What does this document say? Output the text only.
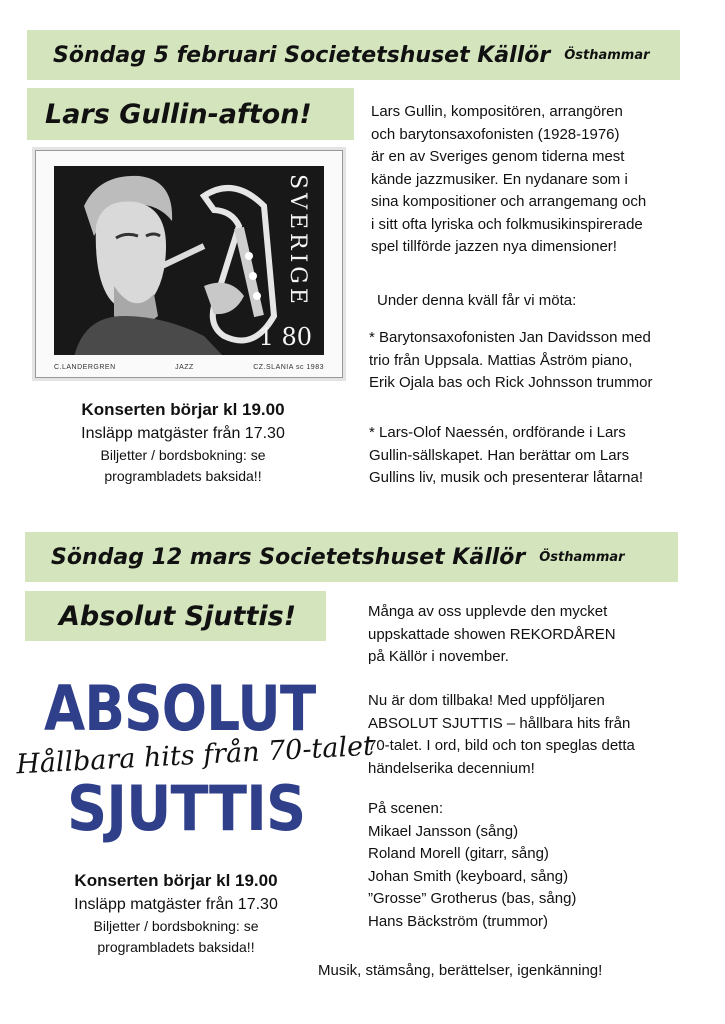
Söndag 5 februari Societetshuset Källör Östhammar
Lars Gullin-afton!
SVERIGE
1 80
C.LANDERGREN	JAZZ	CZ.SLANIA sc 1983
Konserten börjar kl 19.00
Insläpp matgäster från 17.30
Biljetter / bordsbokning: se
programbladets baksida!!

Lars Gullin, kompositören, arrangören

och barytonsaxofonisten (1928-1976)

är en av Sveriges genom tiderna mest

kände jazzmusiker. En nydanare som i

sina kompositioner och arrangemang och

i sitt ofta lyriska och folkmusikinspirerade

spel tillförde jazzen nya dimensioner!

Under denna kväll får vi möta:

* Barytonsaxofonisten Jan Davidsson med

trio från Uppsala. Mattias Åström piano,

Erik Ojala bas och Rick Johnsson trummor

* Lars-Olof Naessén, ordförande i Lars

Gullin-sällskapet. Han berättar om Lars

Gullins liv, musik och presenterar låtarna!

Söndag 12 mars Societetshuset Källör Östhammar
Absolut Sjuttis!
ABSOLUT
Hållbara hits från 70-talet
SJUTTIS
Konserten börjar kl 19.00
Insläpp matgäster från 17.30
Biljetter / bordsbokning: se
programbladets baksida!!

Många av oss upplevde den mycket

uppskattade showen REKORDÅREN

på Källör i november.

Nu är dom tillbaka! Med uppföljaren

ABSOLUT SJUTTIS – hållbara hits från

70-talet. I ord, bild och ton speglas detta

händelserika decennium!

På scenen:

Mikael Jansson (sång)

Roland Morell (gitarr, sång)

Johan Smith (keyboard, sång)

”Grosse” Grotherus (bas, sång)

Hans Bäckström (trummor)

Musik, stämsång, berättelser, igenkänning!
